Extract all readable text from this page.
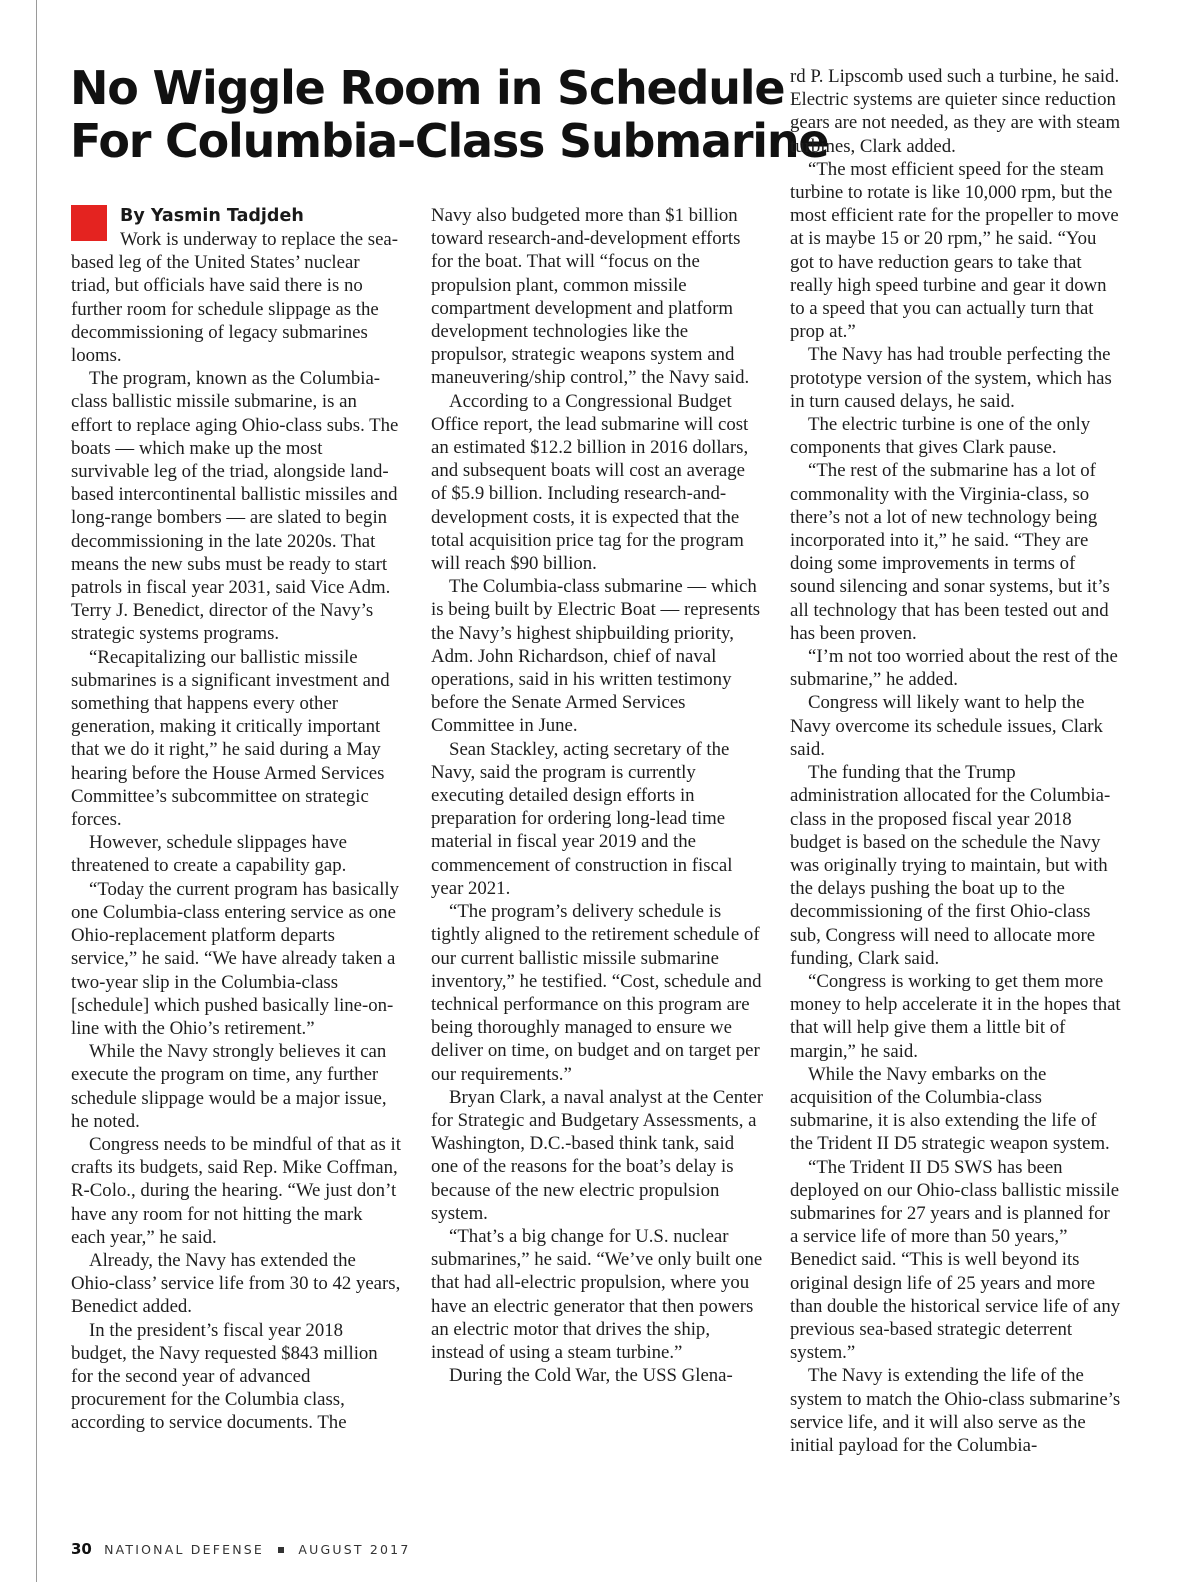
No Wiggle Room in Schedule
For Columbia-Class Submarine
By Yasmin Tadjdeh

Work is underway to replace the sea-based leg of the United States’ nuclear triad, but officials have said there is no further room for schedule slippage as the decommissioning of legacy submarines looms.

The program, known as the Columbia-class ballistic missile submarine, is an effort to replace aging Ohio-class subs. The boats — which make up the most survivable leg of the triad, alongside land-based intercontinental ballistic missiles and long-range bombers — are slated to begin decommissioning in the late 2020s. That means the new subs must be ready to start patrols in fiscal year 2031, said Vice Adm. Terry J. Benedict, director of the Navy’s strategic systems programs.

“Recapitalizing our ballistic missile submarines is a significant investment and something that happens every other generation, making it critically important that we do it right,” he said during a May hearing before the House Armed Services Committee’s subcommittee on strategic forces.

However, schedule slippages have threatened to create a capability gap.

“Today the current program has basically one Columbia-class entering service as one Ohio-replacement platform departs service,” he said. “We have already taken a two-year slip in the Columbia-class [schedule] which pushed basically line-on-line with the Ohio’s retirement.”

While the Navy strongly believes it can execute the program on time, any further schedule slippage would be a major issue, he noted.

Congress needs to be mindful of that as it crafts its budgets, said Rep. Mike Coffman, R-Colo., during the hearing. “We just don’t have any room for not hitting the mark each year,” he said.

Already, the Navy has extended the Ohio-class’ service life from 30 to 42 years, Benedict added.

In the president’s fiscal year 2018 budget, the Navy requested $843 million for the second year of advanced procurement for the Columbia class, according to service documents. The

Navy also budgeted more than $1 billion toward research-and-development efforts for the boat. That will “focus on the propulsion plant, common missile compartment development and platform development technologies like the propulsor, strategic weapons system and maneuvering/ship control,” the Navy said.

According to a Congressional Budget Office report, the lead submarine will cost an estimated $12.2 billion in 2016 dollars, and subsequent boats will cost an average of $5.9 billion. Including research-and-development costs, it is expected that the total acquisition price tag for the program will reach $90 billion.

The Columbia-class submarine — which is being built by Electric Boat — represents the Navy’s highest shipbuilding priority, Adm. John Richardson, chief of naval operations, said in his written testimony before the Senate Armed Services Committee in June.

Sean Stackley, acting secretary of the Navy, said the program is currently executing detailed design efforts in preparation for ordering long-lead time material in fiscal year 2019 and the commencement of construction in fiscal year 2021.

“The program’s delivery schedule is tightly aligned to the retirement schedule of our current ballistic missile submarine inventory,” he testified. “Cost, schedule and technical performance on this program are being thoroughly managed to ensure we deliver on time, on budget and on target per our requirements.”

Bryan Clark, a naval analyst at the Center for Strategic and Budgetary Assessments, a Washington, D.C.-based think tank, said one of the reasons for the boat’s delay is because of the new electric propulsion system.

“That’s a big change for U.S. nuclear submarines,” he said. “We’ve only built one that had all-electric propulsion, where you have an electric generator that then powers an electric motor that drives the ship, instead of using a steam turbine.”

During the Cold War, the USS Glena-

rd P. Lipscomb used such a turbine, he said. Electric systems are quieter since reduction gears are not needed, as they are with steam turbines, Clark added.

“The most efficient speed for the steam turbine to rotate is like 10,000 rpm, but the most efficient rate for the propeller to move at is maybe 15 or 20 rpm,” he said. “You got to have reduction gears to take that really high speed turbine and gear it down to a speed that you can actually turn that prop at.”

The Navy has had trouble perfecting the prototype version of the system, which has in turn caused delays, he said.

The electric turbine is one of the only components that gives Clark pause.

“The rest of the submarine has a lot of commonality with the Virginia-class, so there’s not a lot of new technology being incorporated into it,” he said. “They are doing some improvements in terms of sound silencing and sonar systems, but it’s all technology that has been tested out and has been proven.

“I’m not too worried about the rest of the submarine,” he added.

Congress will likely want to help the Navy overcome its schedule issues, Clark said.

The funding that the Trump administration allocated for the Columbia-class in the proposed fiscal year 2018 budget is based on the schedule the Navy was originally trying to maintain, but with the delays pushing the boat up to the decommissioning of the first Ohio-class sub, Congress will need to allocate more funding, Clark said.

“Congress is working to get them more money to help accelerate it in the hopes that that will help give them a little bit of margin,” he said.

While the Navy embarks on the acquisition of the Columbia-class submarine, it is also extending the life of the Trident II D5 strategic weapon system.

“The Trident II D5 SWS has been deployed on our Ohio-class ballistic missile submarines for 27 years and is planned for a service life of more than 50 years,” Benedict said. “This is well beyond its original design life of 25 years and more than double the historical service life of any previous sea-based strategic deterrent system.”

The Navy is extending the life of the system to match the Ohio-class submarine’s service life, and it will also serve as the initial payload for the Columbia-

30 NATIONAL DEFENSE	AUGUST 2017
